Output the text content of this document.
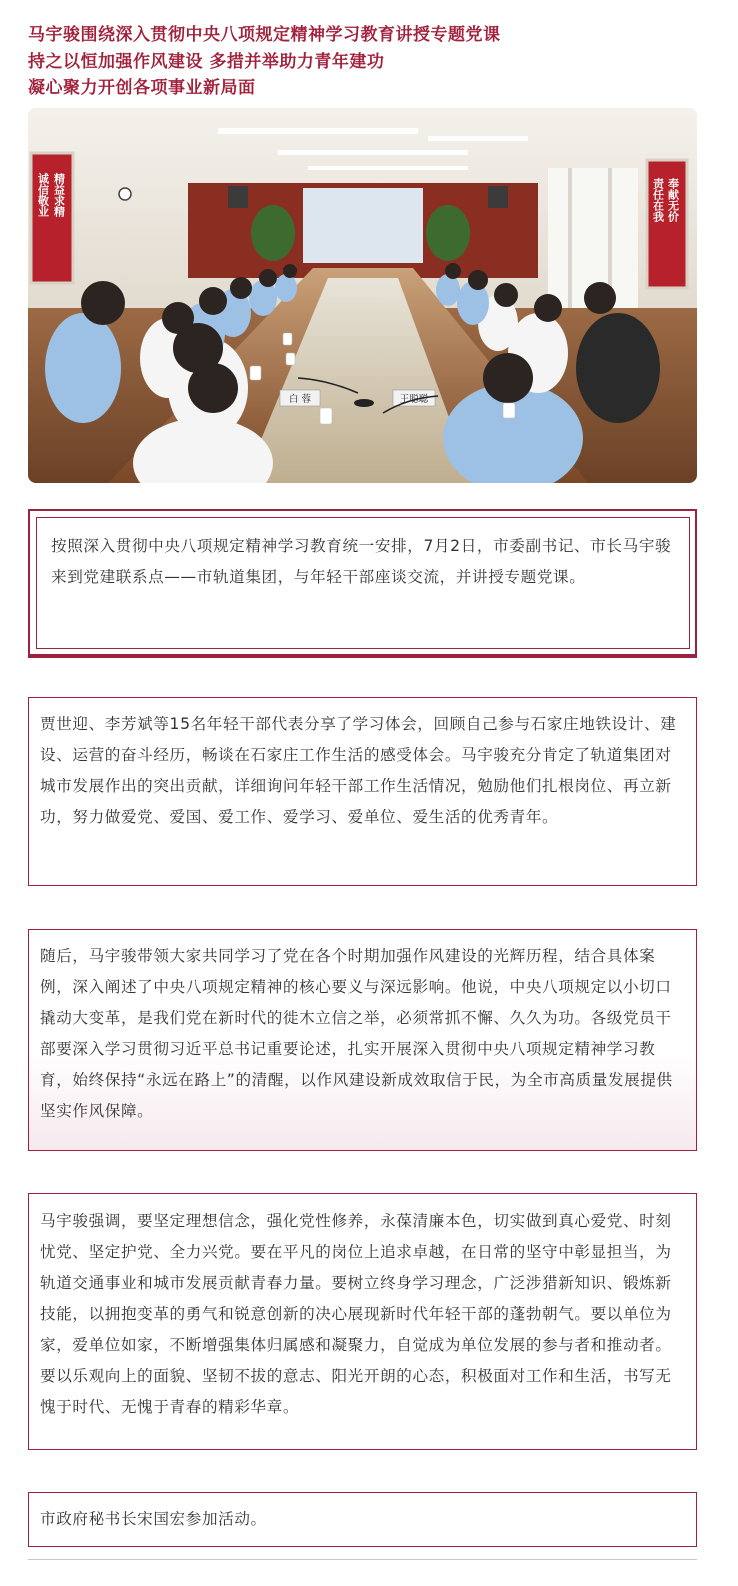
马宇骏围绕深入贯彻中央八项规定精神学习教育讲授专题党课
持之以恒加强作风建设 多措并举助力青年建功
凝心聚力开创各项事业新局面
精益求精
诚信敬业	奉献无价
责任在我
白 蓉	王聪聪

按照深入贯彻中央八项规定精神学习教育统一安排，7月2日，市委副书记、市长马宇骏来到党建联系点——市轨道集团，与年轻干部座谈交流，并讲授专题党课。

贾世迎、李芳斌等15名年轻干部代表分享了学习体会，回顾自己参与石家庄地铁设计、建设、运营的奋斗经历，畅谈在石家庄工作生活的感受体会。马宇骏充分肯定了轨道集团对城市发展作出的突出贡献，详细询问年轻干部工作生活情况，勉励他们扎根岗位、再立新功，努力做爱党、爱国、爱工作、爱学习、爱单位、爱生活的优秀青年。

随后，马宇骏带领大家共同学习了党在各个时期加强作风建设的光辉历程，结合具体案例，深入阐述了中央八项规定精神的核心要义与深远影响。他说，中央八项规定以小切口撬动大变革，是我们党在新时代的徙木立信之举，必须常抓不懈、久久为功。各级党员干部要深入学习贯彻习近平总书记重要论述，扎实开展深入贯彻中央八项规定精神学习教育，始终保持“永远在路上”的清醒，以作风建设新成效取信于民，为全市高质量发展提供坚实作风保障。

马宇骏强调，要坚定理想信念，强化党性修养，永葆清廉本色，切实做到真心爱党、时刻忧党、坚定护党、全力兴党。要在平凡的岗位上追求卓越，在日常的坚守中彰显担当，为轨道交通事业和城市发展贡献青春力量。要树立终身学习理念，广泛涉猎新知识、锻炼新技能，以拥抱变革的勇气和锐意创新的决心展现新时代年轻干部的蓬勃朝气。要以单位为家，爱单位如家，不断增强集体归属感和凝聚力，自觉成为单位发展的参与者和推动者。要以乐观向上的面貌、坚韧不拔的意志、阳光开朗的心态，积极面对工作和生活，书写无愧于时代、无愧于青春的精彩华章。

市政府秘书长宋国宏参加活动。
